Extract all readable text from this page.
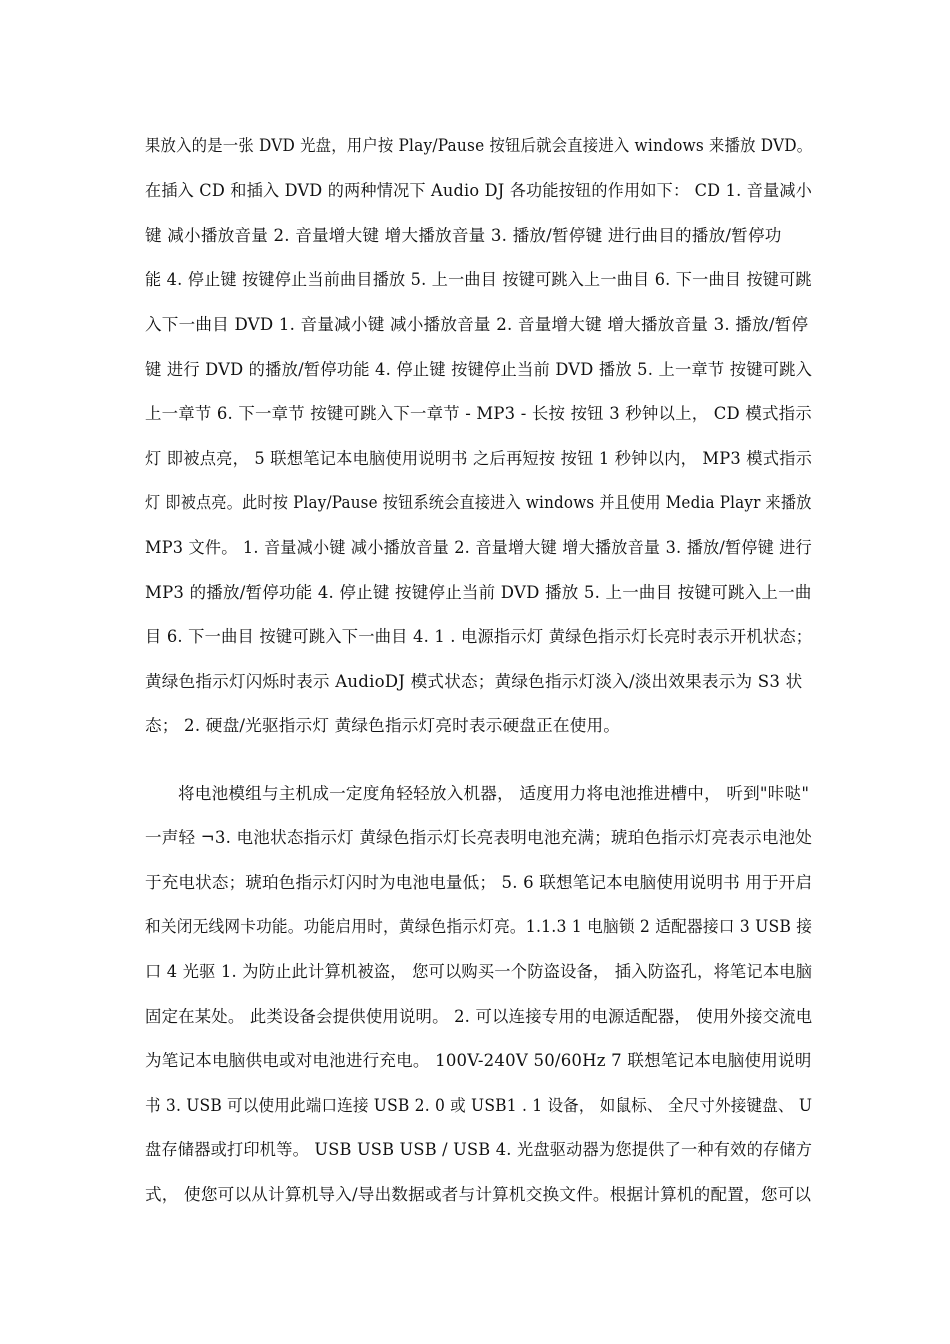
果放入的是一张 DVD 光盘，用户按 Play/Pause 按钮后就会直接进入 windows 来播放 DVD。
在插入 CD 和插入 DVD 的两种情况下 Audio DJ 各功能按钮的作用如下： CD 1. 音量减小
键 减小播放音量 2. 音量增大键 增大播放音量 3. 播放/暂停键 进行曲目的播放/暂停功
能 4. 停止键 按键停止当前曲目播放 5. 上一曲目 按键可跳入上一曲目 6. 下一曲目 按键可跳
入下一曲目 DVD 1. 音量减小键 减小播放音量 2. 音量增大键 增大播放音量 3. 播放/暂停
键 进行 DVD 的播放/暂停功能 4. 停止键 按键停止当前 DVD 播放 5. 上一章节 按键可跳入
上一章节 6. 下一章节 按键可跳入下一章节 - MP3 - 长按 按钮 3 秒钟以上， CD 模式指示
灯 即被点亮， 5 联想笔记本电脑使用说明书 之后再短按 按钮 1 秒钟以内， MP3 模式指示
灯 即被点亮。此时按 Play/Pause 按钮系统会直接进入 windows 并且使用 Media Playr 来播放
MP3 文件。 1. 音量减小键 减小播放音量 2. 音量增大键 增大播放音量 3. 播放/暂停键 进行
MP3 的播放/暂停功能 4. 停止键 按键停止当前 DVD 播放 5. 上一曲目 按键可跳入上一曲
目 6. 下一曲目 按键可跳入下一曲目 4. 1 . 电源指示灯 黄绿色指示灯长亮时表示开机状态；
黄绿色指示灯闪烁时表示 AudioDJ 模式状态；黄绿色指示灯淡入/淡出效果表示为 S3 状
态； 2. 硬盘/光驱指示灯 黄绿色指示灯亮时表示硬盘正在使用。
将电池模组与主机成一定度角轻轻放入机器， 适度用力将电池推进槽中， 听到"咔哒"
一声轻 ¬3. 电池状态指示灯 黄绿色指示灯长亮表明电池充满；琥珀色指示灯亮表示电池处
于充电状态；琥珀色指示灯闪时为电池电量低； 5. 6 联想笔记本电脑使用说明书 用于开启
和关闭无线网卡功能。功能启用时，黄绿色指示灯亮。1.1.3 1 电脑锁 2 适配器接口 3 USB 接
口 4 光驱 1. 为防止此计算机被盗， 您可以购买一个防盗设备， 插入防盗孔，将笔记本电脑
固定在某处。 此类设备会提供使用说明。 2. 可以连接专用的电源适配器， 使用外接交流电
为笔记本电脑供电或对电池进行充电。 100V-240V 50/60Hz 7 联想笔记本电脑使用说明
书 3. USB 可以使用此端口连接 USB 2. 0 或 USB1 . 1 设备， 如鼠标、 全尺寸外接键盘、 U
盘存储器或打印机等。 USB USB USB / USB 4. 光盘驱动器为您提供了一种有效的存储方
式， 使您可以从计算机导入/导出数据或者与计算机交换文件。根据计算机的配置，您可以
